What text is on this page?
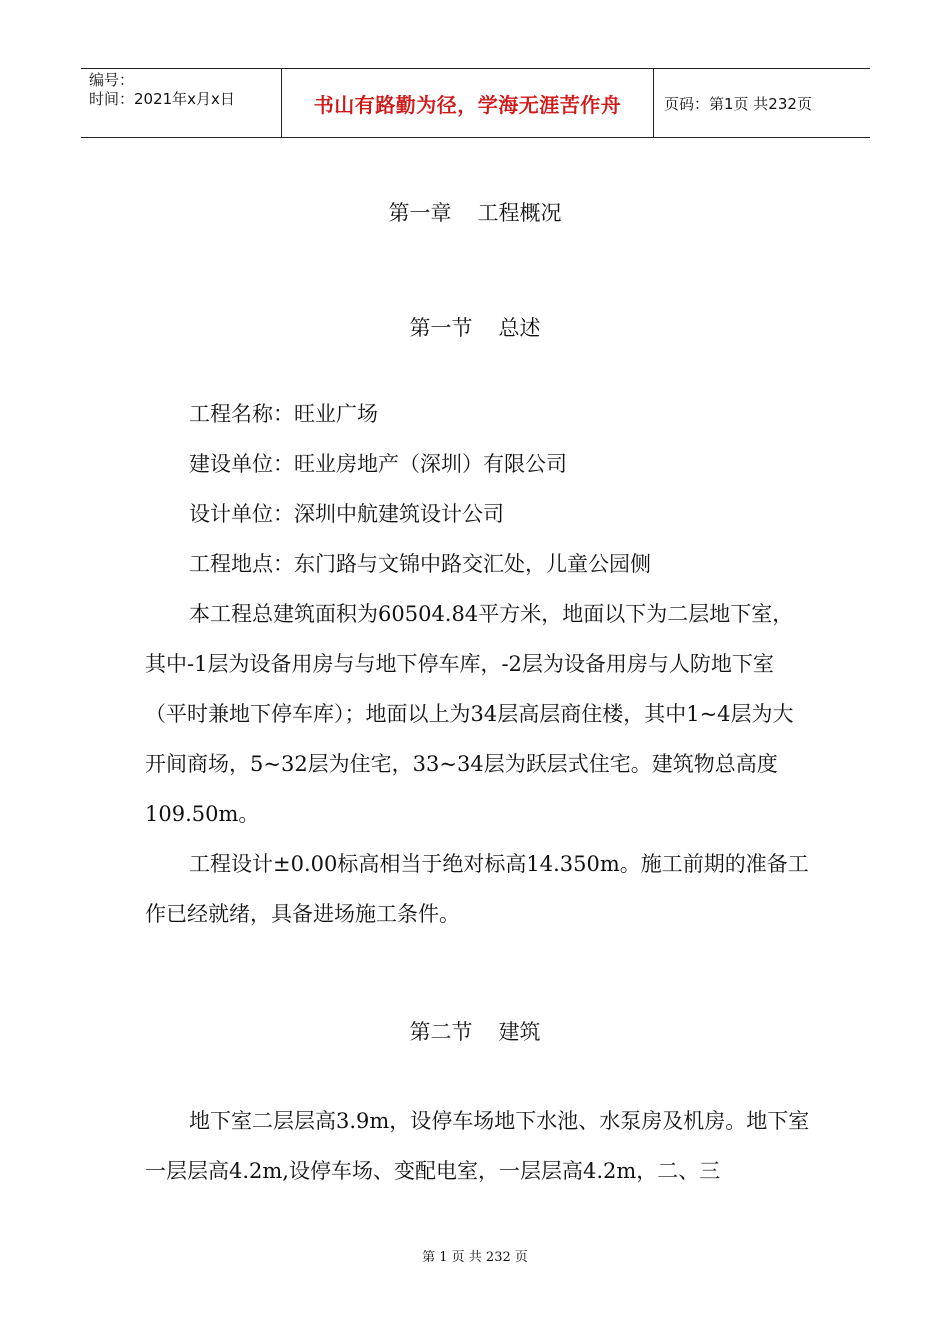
编号：
时间：2021年x月x日	书山有路勤为径，学海无涯苦作舟	页码：第1页 共232页
第一章 工程概况
第一节 总述

工程名称：旺业广场

建设单位：旺业房地产（深圳）有限公司

设计单位：深圳中航建筑设计公司

工程地点：东门路与文锦中路交汇处，儿童公园侧

本工程总建筑面积为60504.84平方米，地面以下为二层地下室，其中-1层为设备用房与与地下停车库，-2层为设备用房与人防地下室（平时兼地下停车库）；地面以上为34层高层商住楼，其中1~4层为大开间商场，5~32层为住宅，33~34层为跃层式住宅。建筑物总高度109.50m。

工程设计±0.00标高相当于绝对标高14.350m。施工前期的准备工作已经就绪，具备进场施工条件。

第二节 建筑

地下室二层层高3.9m，设停车场地下水池、水泵房及机房。地下室一层层高4.2m,设停车场、变配电室，一层层高4.2m，二、三

第 1 页 共 232 页
